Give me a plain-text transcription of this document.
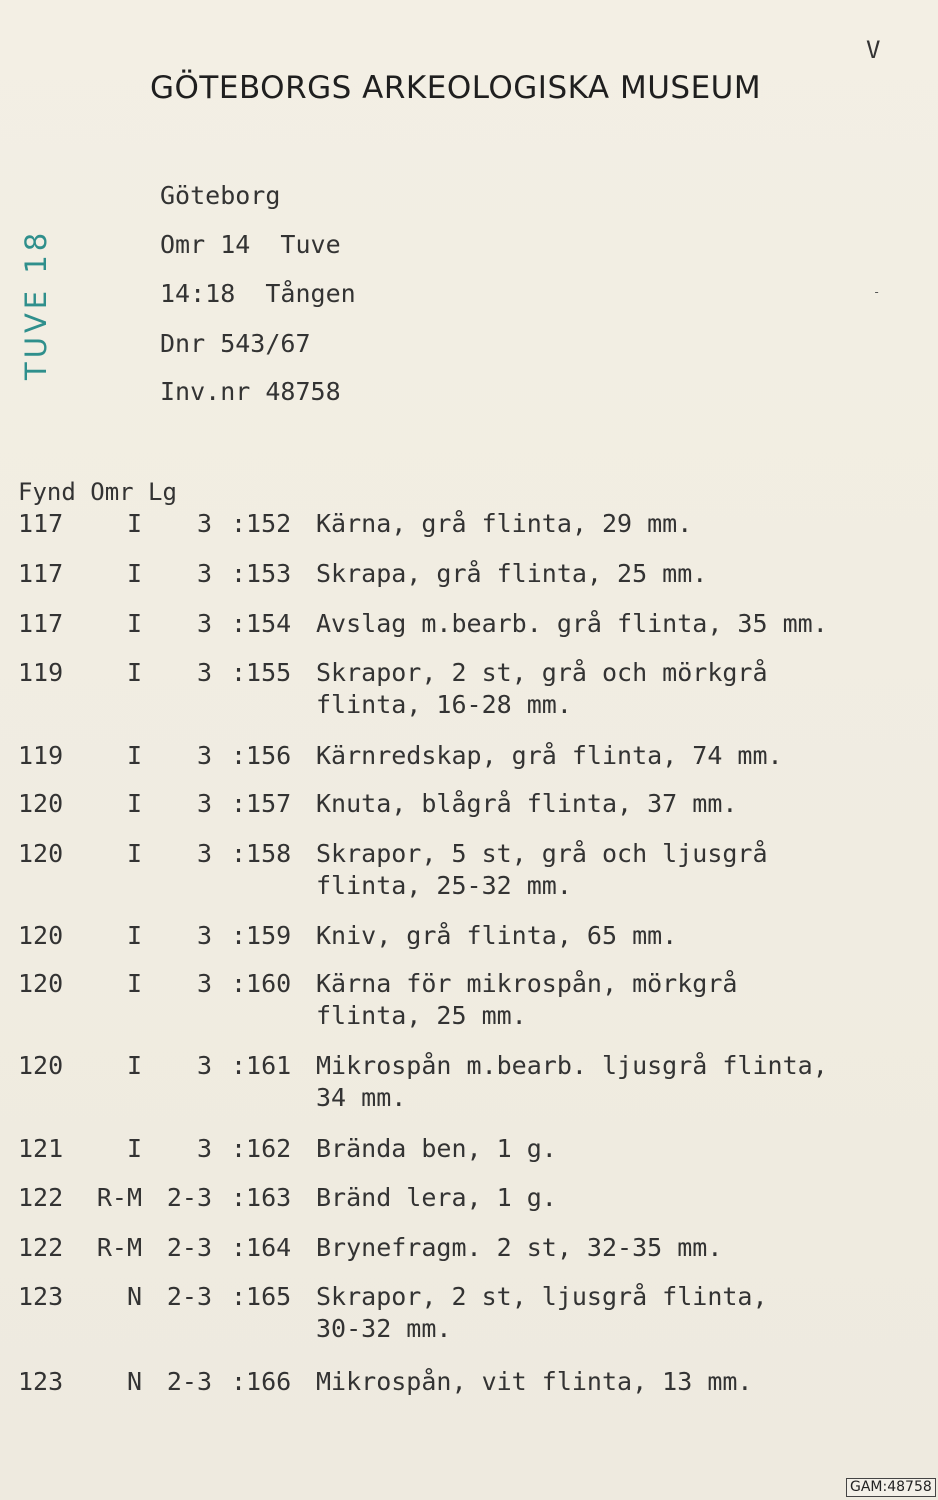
V
GÖTEBORGS ARKEOLOGISKA MUSEUM
TUVE 18
Göteborg
Omr 14  Tuve
14:18  Tången
Dnr 543/67
Inv.nr 48758
-
Fynd Omr Lg
117	I	3 :152 Kärna, grå flinta, 29 mm.
117	I	3 :153 Skrapa, grå flinta, 25 mm.
117	I	3 :154 Avslag m.bearb. grå flinta, 35 mm.
119	I	3 :155 Skrapor, 2 st, grå och mörkgrå
flinta, 16-28 mm.
119	I	3 :156 Kärnredskap, grå flinta, 74 mm.
120	I	3 :157 Knuta, blågrå flinta, 37 mm.
120	I	3 :158 Skrapor, 5 st, grå och ljusgrå
flinta, 25-32 mm.
120	I	3 :159 Kniv, grå flinta, 65 mm.
120	I	3 :160 Kärna för mikrospån, mörkgrå
flinta, 25 mm.
120	I	3 :161 Mikrospån m.bearb. ljusgrå flinta,
34 mm.
121	I	3 :162 Brända ben, 1 g.
122	R-M 2-3 :163 Bränd lera, 1 g.
122	R-M 2-3 :164 Brynefragm. 2 st, 32-35 mm.
123	N 2-3 :165 Skrapor, 2 st, ljusgrå flinta,
30-32 mm.
123	N 2-3 :166 Mikrospån, vit flinta, 13 mm.
GAM:48758
